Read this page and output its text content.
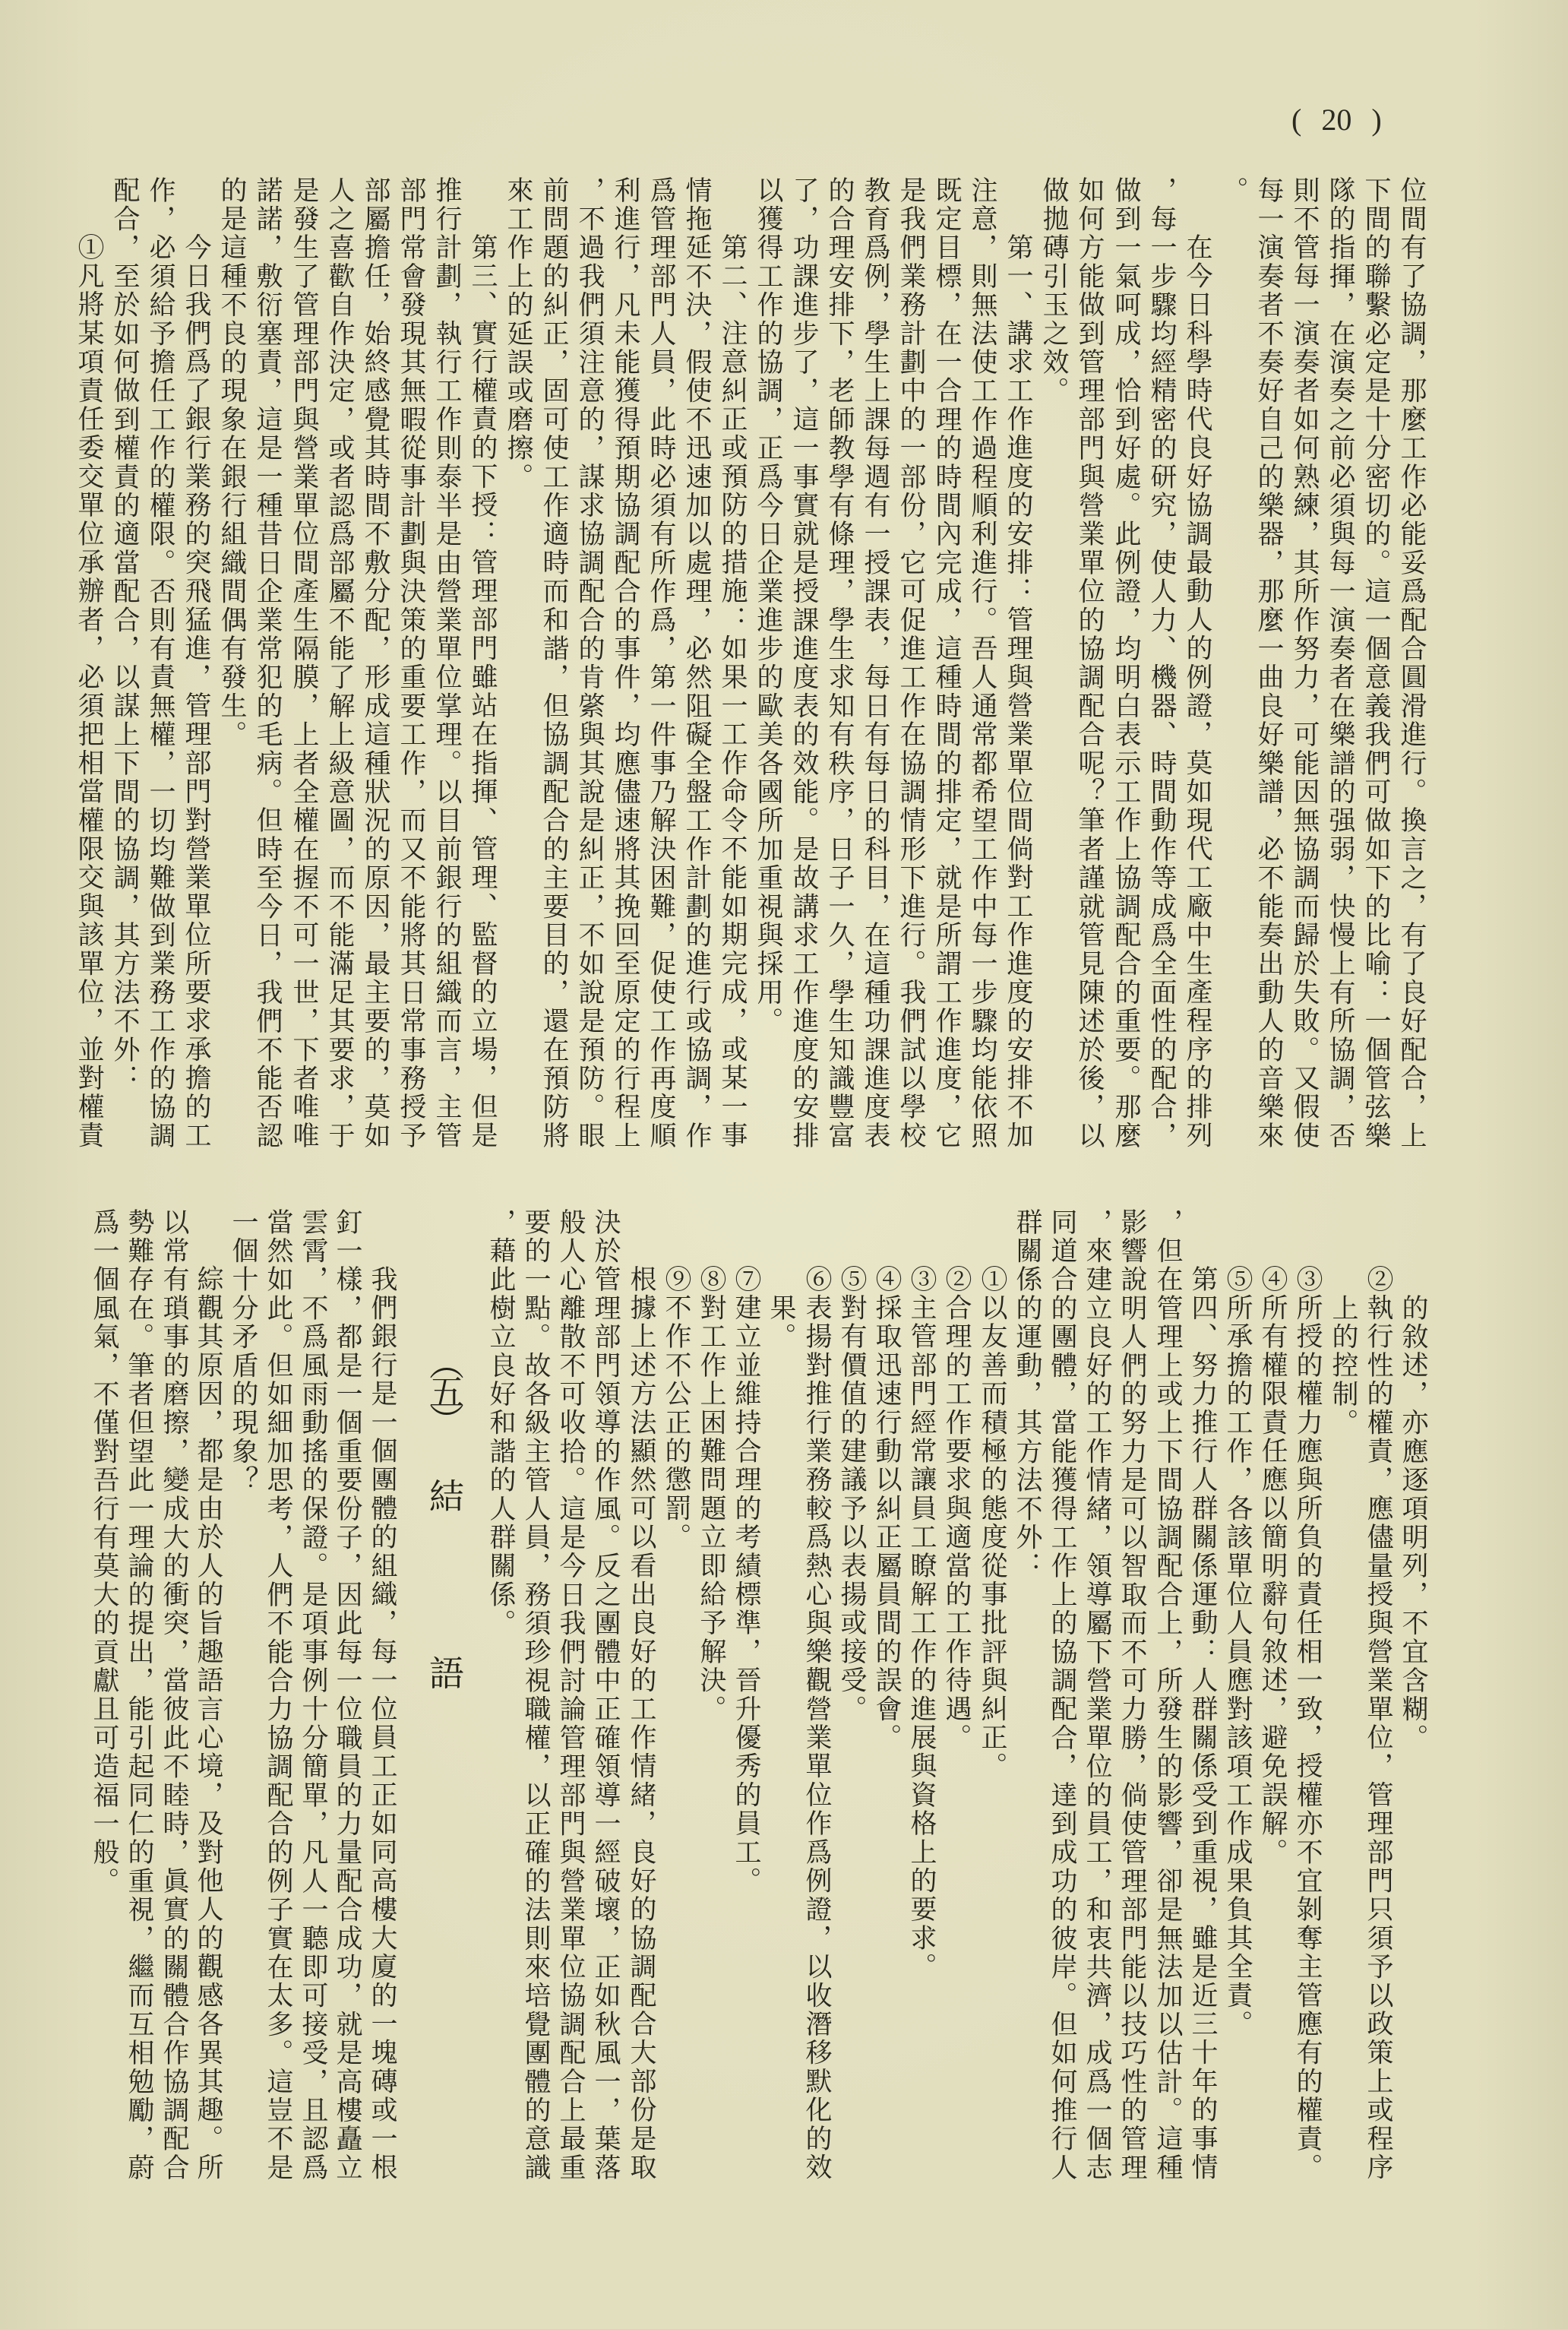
( 20 )
位間有了協調，那麼工作必能妥爲配合圓滑進行。換言之，有了良好配合，上
下間的聯繫必定是十分密切的。這一個意義我們可做如下的比喻：一個管弦樂
隊的指揮，在演奏之前必須與每一演奏者在樂譜的强弱，快慢上有所協調，否
則不管每一演奏者如何熟練，其所作努力，可能因無協調而歸於失敗。又假使
每一演奏者不奏好自己的樂器，那麼一曲良好樂譜，必不能奏出動人的音樂來
。
在今日科學時代良好協調最動人的例證，莫如現代工廠中生產程序的排列
，每一步驟均經精密的研究，使人力、機器、時間動作等成爲全面性的配合，
做到一氣呵成，恰到好處。此例證，均明白表示工作上協調配合的重要。那麼
如何方能做到管理部門與營業單位的協調配合呢？筆者謹就管見陳述於後，以
做拋磚引玉之效。
第一、講求工作進度的安排：管理與營業單位間倘對工作進度的安排不加
注意，則無法使工作過程順利進行。吾人通常都希望工作中每一步驟均能依照
既定目標，在一合理的時間內完成，這種時間的排定，就是所謂工作進度，它
是我們業務計劃中的一部份，它可促進工作在協調情形下進行。我們試以學校
教育爲例，學生上課每週有一授課表，每日有每日的科目，在這種功課進度表
的合理安排下，老師教學有條理，學生求知有秩序，日子一久，學生知識豐富
了，功課進步了，這一事實就是授課進度表的效能。是故講求工作進度的安排
以獲得工作的協調，正爲今日企業進步的歐美各國所加重視與採用。
第二、注意糾正或預防的措施：如果一工作命令不能如期完成，或某一事
情拖延不決，假使不迅速加以處理，必然阻礙全盤工作計劃的進行或協調，作
爲管理部門人員，此時必須有所作爲，第一件事乃解決困難，促使工作再度順
利進行，凡未能獲得預期協調配合的事件，均應儘速將其挽回至原定的行程上
，不過我們須注意的，謀求協調配合的肯綮與其說是糾正，不如說是預防。眼
前問題的糾正，固可使工作適時而和諧，但協調配合的主要目的，還在預防將
來工作上的延誤或磨擦。
第三、實行權責的下授：管理部門雖站在指揮、管理、監督的立場，但是
推行計劃，執行工作則泰半是由營業單位掌理。以目前銀行的組織而言，主管
部門常會發現其無暇從事計劃與決策的重要工作，而又不能將其日常事務授予
部屬擔任，始終感覺其時間不敷分配，形成這種狀況的原因，最主要的，莫如
人之喜歡自作決定，或者認爲部屬不能了解上級意圖，而不能滿足其要求，于
是發生了管理部門與營業單位間產生隔膜，上者全權在握不可一世，下者唯唯
諾諾，敷衍塞責，這是一種昔日企業常犯的毛病。但時至今日，我們不能否認
的是這種不良的現象在銀行組織間偶有發生。
今日我們爲了銀行業務的突飛猛進，管理部門對營業單位所要求承擔的工
作，必須給予擔任工作的權限。否則有責無權，一切均難做到業務工作的協調
配合，至於如何做到權責的適當配合，以謀上下間的協調，其方法不外：
①凡將某項責任委交單位承辦者，必須把相當權限交與該單位，並對權責
的敘述，亦應逐項明列，不宜含糊。
②執行性的權責，應儘量授與營業單位，管理部門只須予以政策上或程序
上的控制。
③所授的權力應與所負的責任相一致，授權亦不宜剝奪主管應有的權責。
④所有權限責任應以簡明辭句敘述，避免誤解。
⑤所承擔的工作，各該單位人員應對該項工作成果負其全責。
第四、努力推行人群關係運動：人群關係受到重視，雖是近三十年的事情
，但在管理上或上下間協調配合上，所發生的影響，卻是無法加以估計。這種
影響說明人們的努力是可以智取而不可力勝，倘使管理部門能以技巧性的管理
，來建立良好的工作情緒，領導屬下營業單位的員工，和衷共濟，成爲一個志
同道合的團體，當能獲得工作上的協調配合，達到成功的彼岸。但如何推行人
群關係的運動，其方法不外：
①以友善而積極的態度從事批評與糾正。
②合理的工作要求與適當的工作待遇。
③主管部門經常讓員工瞭解工作的進展與資格上的要求。
④採取迅速行動以糾正屬員間的誤會。
⑤對有價值的建議予以表揚或接受。
⑥表揚對推行業務較爲熱心與樂觀營業單位作爲例證，以收潛移默化的效
果。
⑦建立並維持合理的考績標準，晉升優秀的員工。
⑧對工作上困難問題立即給予解決。
⑨不作不公正的懲罰。
根據上述方法顯然可以看出良好的工作情緒，良好的協調配合大部份是取
決於管理部門領導的作風。反之團體中正確領導一經破壞，正如秋風一，葉落
般人心離散不可收拾。這是今日我們討論管理部門與營業單位協調配合上最重
要的一點。故各級主管人員，務須珍視職權，以正確的法則來培覺團體的意識
，藉此樹立良好和諧的人群關係。
（五）
結
語
我們銀行是一個團體的組織，每一位員工正如同高樓大廈的一塊磚或一根
釘一樣，都是一個重要份子，因此每一位職員的力量配合成功，就是高樓矗立
雲霄，不爲風雨動搖的保證。是項事例十分簡單，凡人一聽即可接受，且認爲
當然如此。但如細加思考，人們不能合力協調配合的例子實在太多。這豈不是
一個十分矛盾的現象？
綜觀其原因，都是由於人的旨趣語言心境，及對他人的觀感各異其趣。所
以常有瑣事的磨擦，變成大的衝突，當彼此不睦時，眞實的關體合作協調配合
勢難存在。筆者但望此一理論的提出，能引起同仁的重視，繼而互相勉勵，蔚
爲一個風氣，不僅對吾行有莫大的貢獻且可造福一般。
